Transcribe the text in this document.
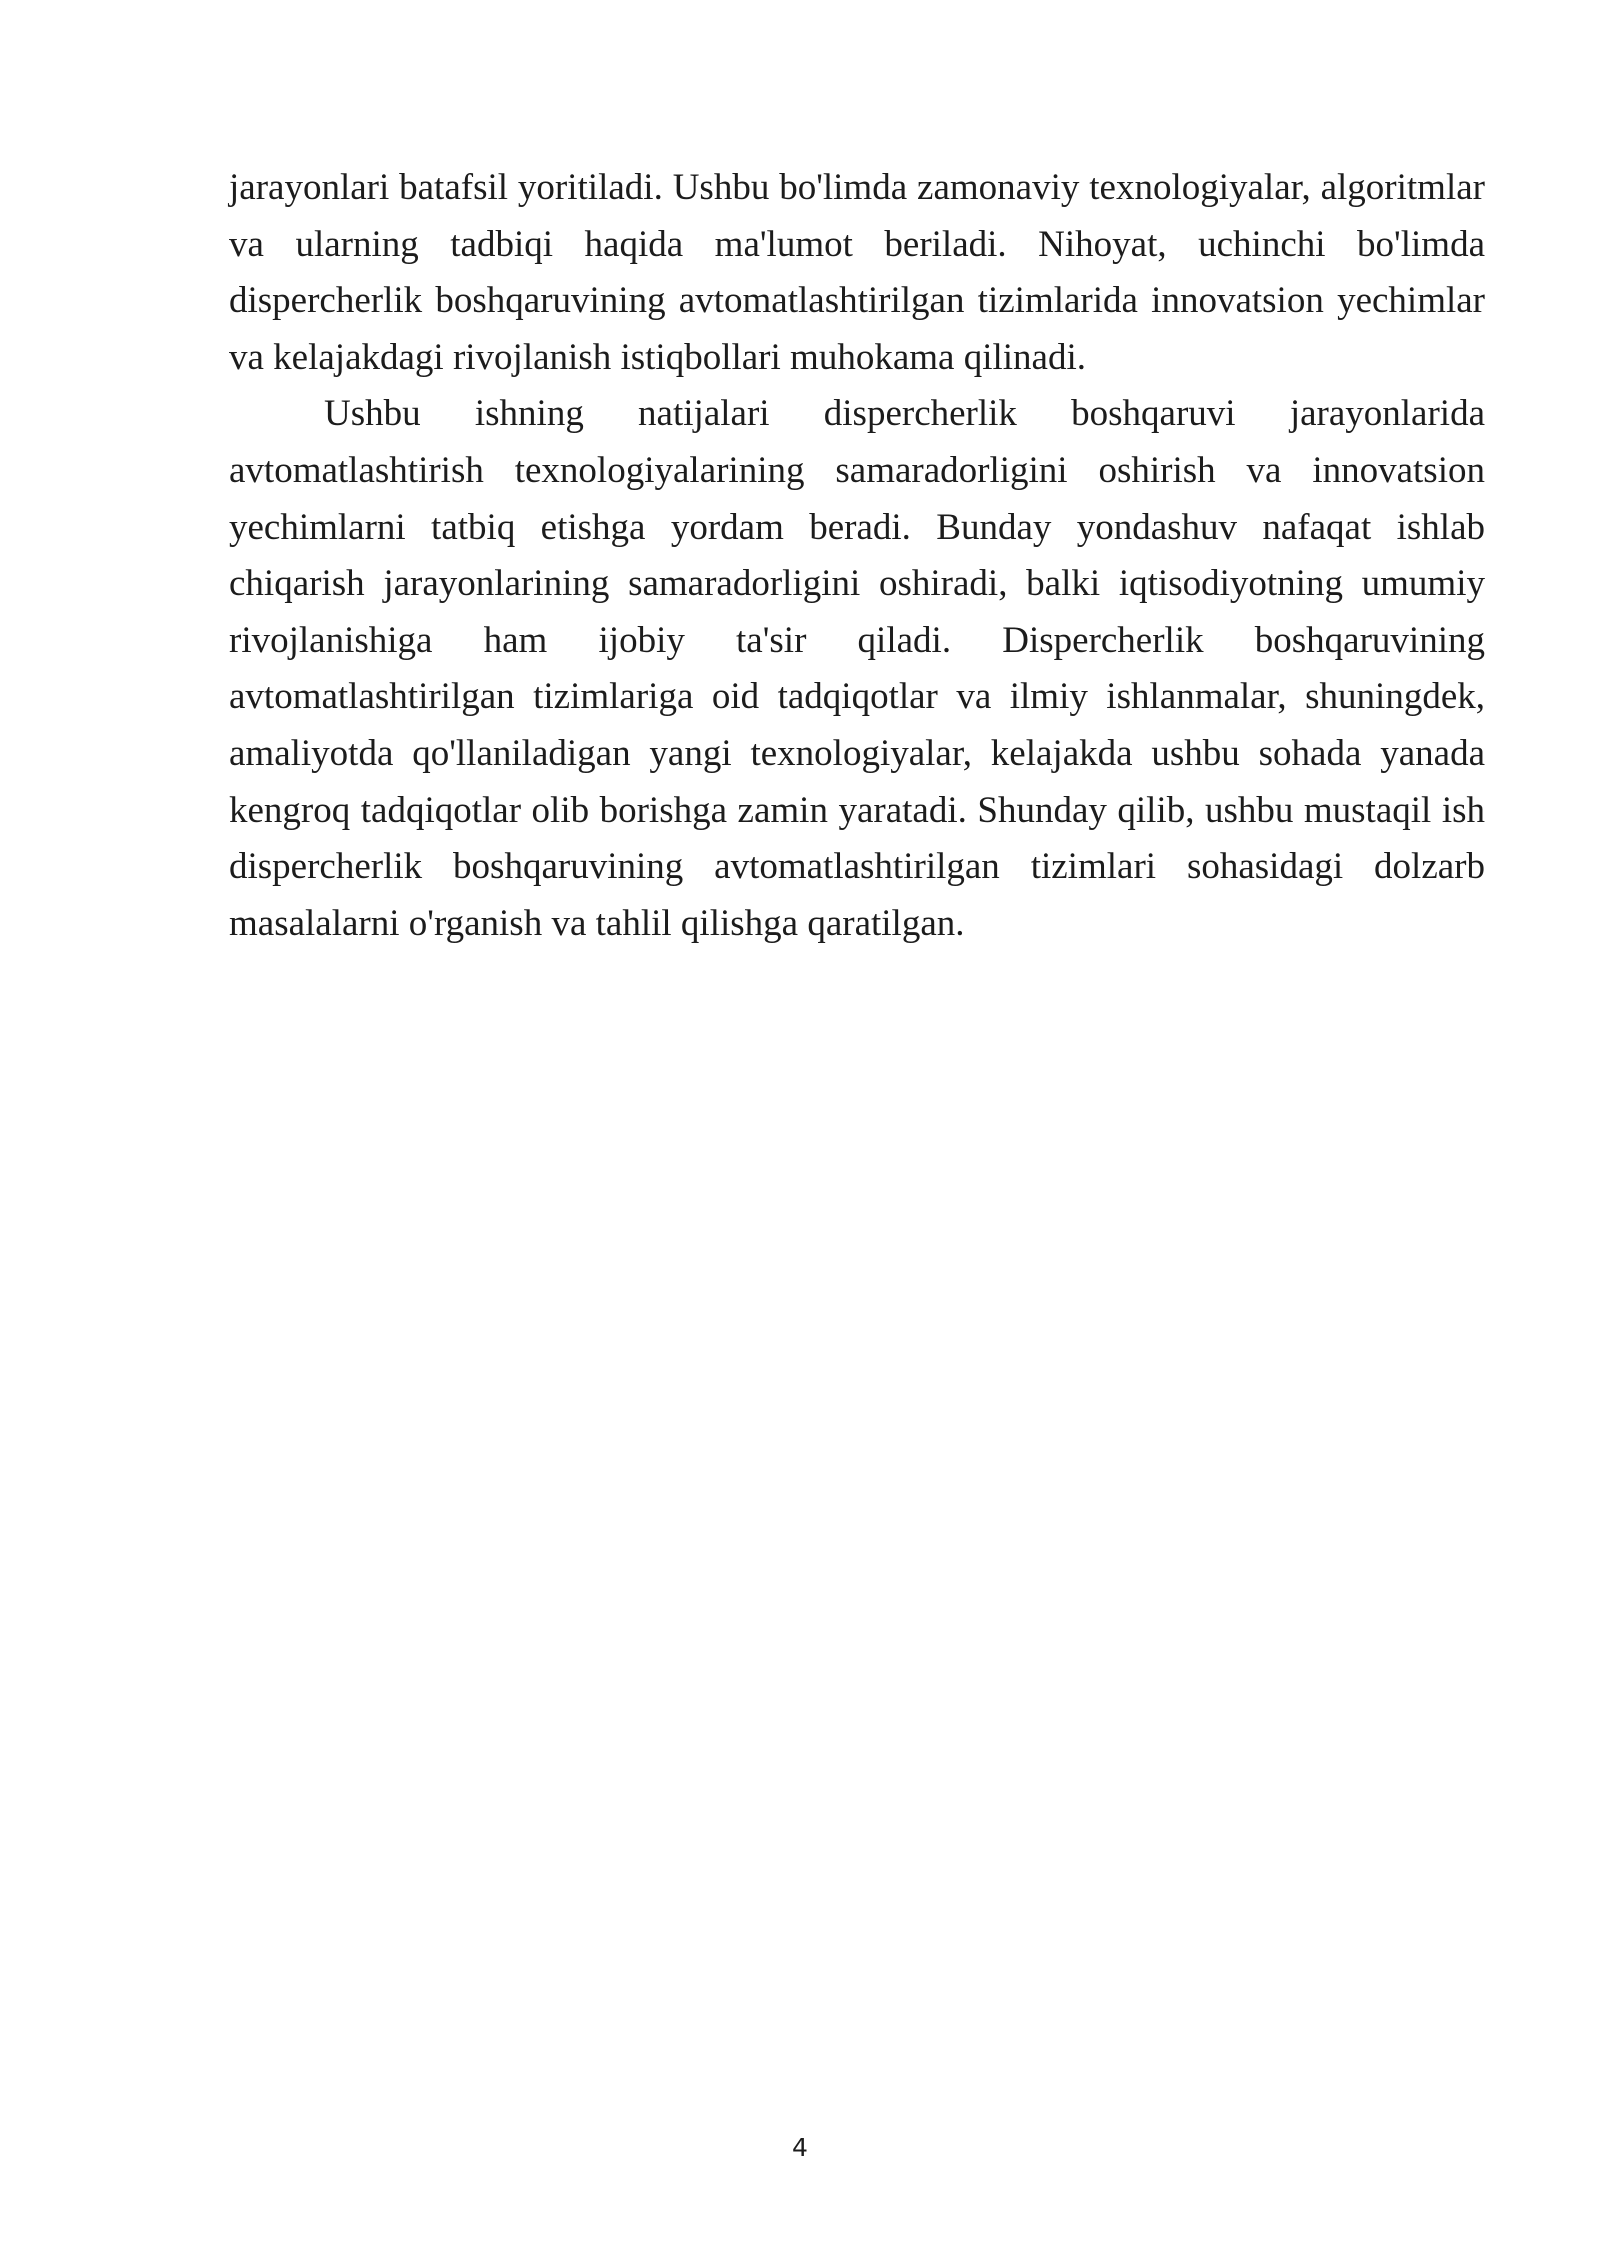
jarayonlari batafsil yoritiladi. Ushbu bo'limda zamonaviy texnologiyalar, algoritmlar va ularning tadbiqi haqida ma'lumot beriladi. Nihoyat, uchinchi bo'limda dispercherlik boshqaruvining avtomatlashtirilgan tizimlarida innovatsion yechimlar va kelajakdagi rivojlanish istiqbollari muhokama qilinadi.

Ushbu ishning natijalari dispercherlik boshqaruvi jarayonlarida avtomatlashtirish texnologiyalarining samaradorligini oshirish va innovatsion yechimlarni tatbiq etishga yordam beradi. Bunday yondashuv nafaqat ishlab chiqarish jarayonlarining samaradorligini oshiradi, balki iqtisodiyotning umumiy rivojlanishiga ham ijobiy ta'sir qiladi. Dispercherlik boshqaruvining avtomatlashtirilgan tizimlariga oid tadqiqotlar va ilmiy ishlanmalar, shuningdek, amaliyotda qo'llaniladigan yangi texnologiyalar, kelajakda ushbu sohada yanada kengroq tadqiqotlar olib borishga zamin yaratadi. Shunday qilib, ushbu mustaqil ish dispercherlik boshqaruvining avtomatlashtirilgan tizimlari sohasidagi dolzarb masalalarni o'rganish va tahlil qilishga qaratilgan.

4
